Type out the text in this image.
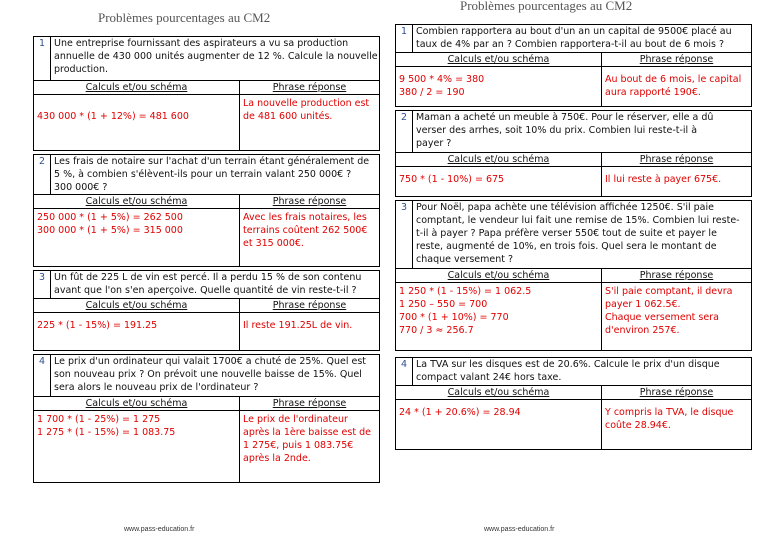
Problèmes pourcentages au CM2
Problèmes pourcentages au CM2
1	Une entreprise fournissant des aspirateurs a vu sa production
annuelle de 430 000 unités augmenter de 12 %. Calcule la nouvelle
production.	

Calculs et/ou schéma		Phrase réponse

430 000 * (1 + 12%) = 481 600		La nouvelle production est
de 481 600 unités.
2	Les frais de notaire sur l'achat d'un terrain étant généralement de
5 %, à combien s'élèvent-ils pour un terrain valant 250 000€ ?
300 000€ ?	

Calculs et/ou schéma		Phrase réponse

250 000 * (1 + 5%) = 262 500
300 000 * (1 + 5%) = 315 000		Avec les frais notaires, les
terrains coûtent 262 500€
et 315 000€.
3	Un fût de 225 L de vin est percé. Il a perdu 15 % de son contenu
avant que l'on s'en aperçoive. Quelle quantité de vin reste-t-il ?	

Calculs et/ou schéma		Phrase réponse

225 * (1 - 15%) = 191.25		Il reste 191.25L de vin.
4	Le prix d'un ordinateur qui valait 1700€ a chuté de 25%. Quel est
son nouveau prix ? On prévoit une nouvelle baisse de 15%. Quel
sera alors le nouveau prix de l'ordinateur ?	

Calculs et/ou schéma		Phrase réponse

1 700 * (1 - 25%) = 1 275
1 275 * (1 - 15%) = 1 083.75		Le prix de l'ordinateur
après la 1ère baisse est de
1 275€, puis 1 083.75€
après la 2nde.
1	Combien rapportera au bout d'un an un capital de 9500€ placé au
taux de 4% par an ? Combien rapportera-t-il au bout de 6 mois ?	

Calculs et/ou schéma		Phrase réponse

9 500 * 4% = 380
380 / 2 = 190		Au bout de 6 mois, le capital
aura rapporté 190€.
2	Maman a acheté un meuble à 750€. Pour le réserver, elle a dû
verser des arrhes, soit 10% du prix. Combien lui reste-t-il à
payer ?	

Calculs et/ou schéma		Phrase réponse

750 * (1 - 10%) = 675		Il lui reste à payer 675€.
3	Pour Noël, papa achète une télévision affichée 1250€. S'il paie
comptant, le vendeur lui fait une remise de 15%. Combien lui reste-
t-il à payer ? Papa préfère verser 550€ tout de suite et payer le
reste, augmenté de 10%, en trois fois. Quel sera le montant de
chaque versement ?	

Calculs et/ou schéma		Phrase réponse

1 250 * (1 - 15%) = 1 062.5
1 250 – 550 = 700
700 * (1 + 10%) = 770
770 / 3 ≈ 256.7		S'il paie comptant, il devra
payer 1 062.5€.
Chaque versement sera
d'environ 257€.
4	La TVA sur les disques est de 20.6%. Calcule le prix d'un disque
compact valant 24€ hors taxe.	

Calculs et/ou schéma		Phrase réponse

24 * (1 + 20.6%) = 28.94		Y compris la TVA, le disque
coûte 28.94€.
www.pass-education.fr	www.pass-education.fr
